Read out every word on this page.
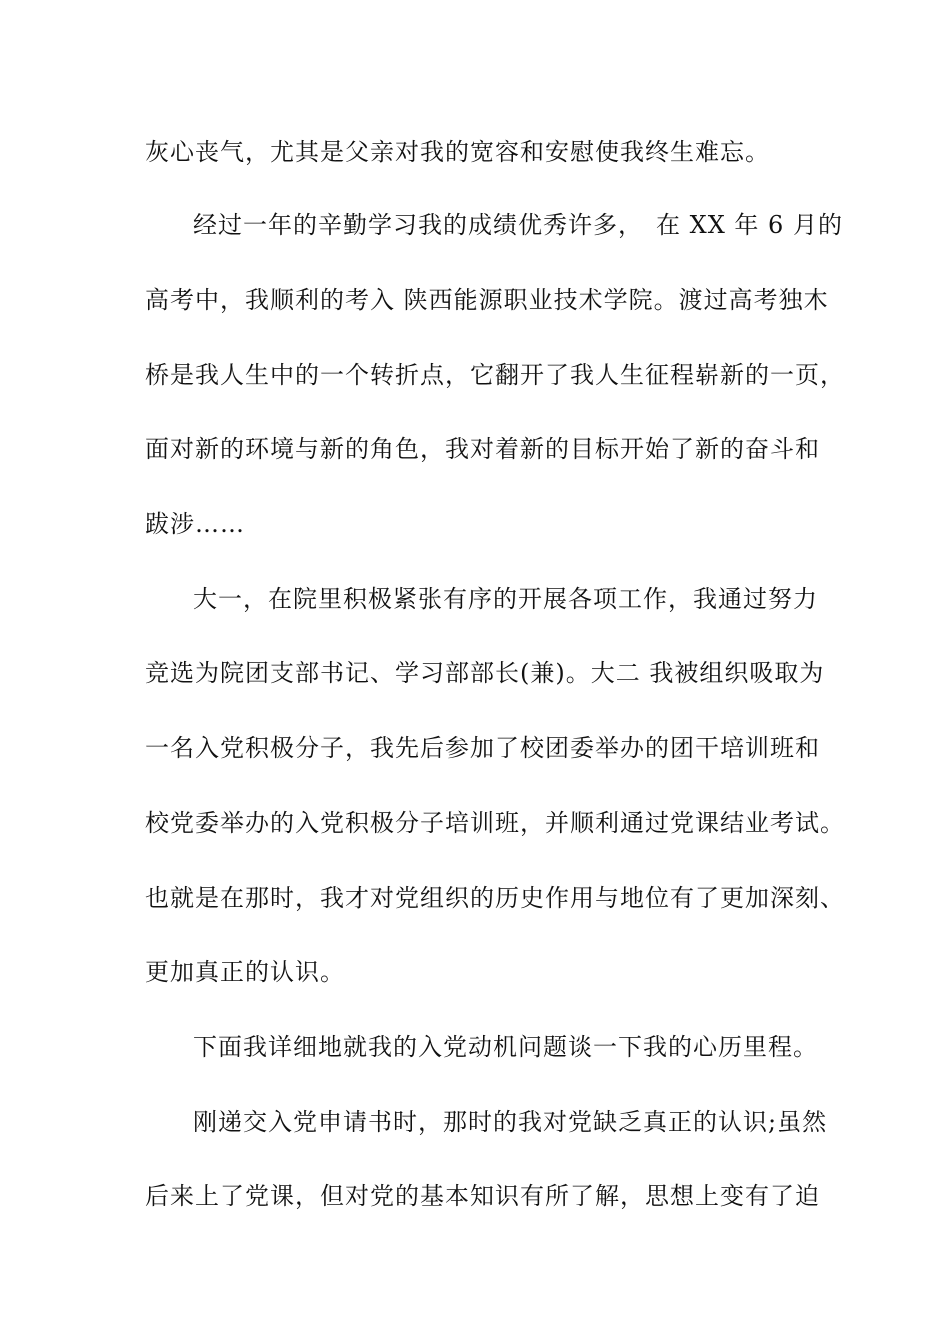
灰心丧气，尤其是父亲对我的宽容和安慰使我终生难忘。
经过一年的辛勤学习我的成绩优秀许多，　在 XX 年 6 月的
高考中，我顺利的考入 陕西能源职业技术学院。渡过高考独木
桥是我人生中的一个转折点，它翻开了我人生征程崭新的一页，
面对新的环境与新的角色，我对着新的目标开始了新的奋斗和
跋涉……
大一，在院里积极紧张有序的开展各项工作，我通过努力
竞选为院团支部书记、学习部部长(兼)。大二 我被组织吸取为
一名入党积极分子，我先后参加了校团委举办的团干培训班和
校党委举办的入党积极分子培训班，并顺利通过党课结业考试。
也就是在那时，我才对党组织的历史作用与地位有了更加深刻、
更加真正的认识。
下面我详细地就我的入党动机问题谈一下我的心历里程。
刚递交入党申请书时，那时的我对党缺乏真正的认识;虽然
后来上了党课，但对党的基本知识有所了解，思想上变有了迫
